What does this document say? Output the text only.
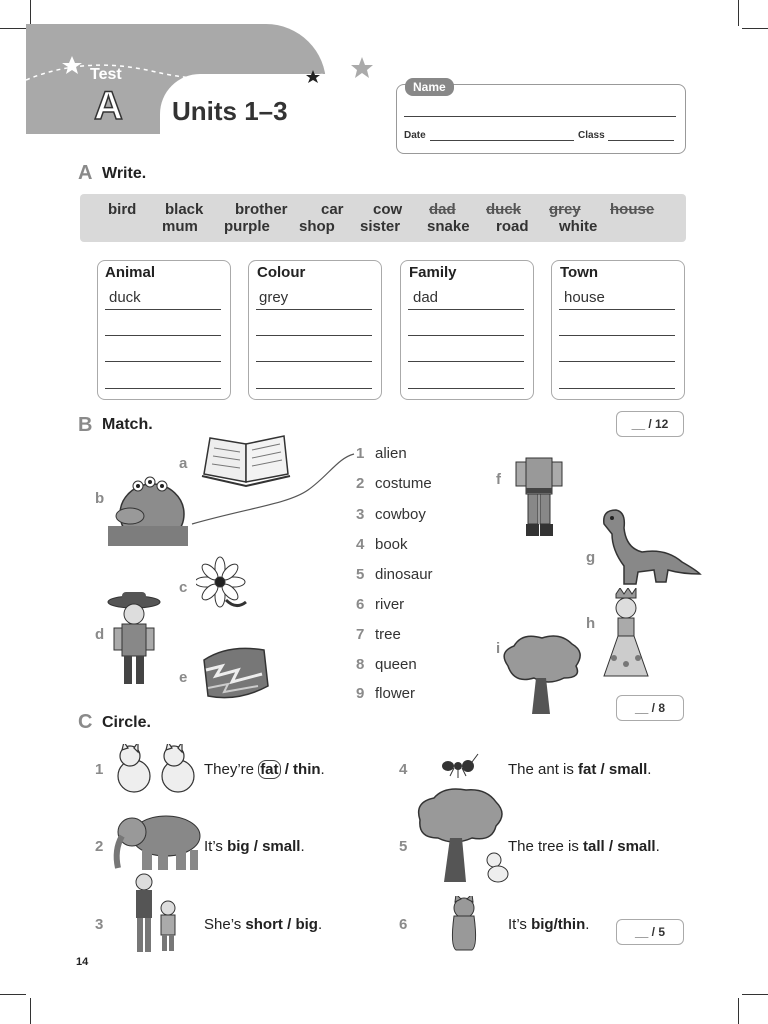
Test
A Units 1–3
Name
Date	Class
A Write.
bird black brother car cow dad duck grey house
mum purple shop sister snake road white
Animal	Colour	Family	Town
duck	grey	dad	house
B Match.	__ / 12
1 alien
2 costume
3 cowboy
4 book
5 dinosaur
6 river
7 tree
8 queen
9 flower
a
b
c
d
e
f
g
h
i
__ / 8
C Circle.
1
2
3
4
5
6
They’re fat / thin.
It’s big / small.
She’s short / big.
The ant is fat / small.
The tree is tall / small.
It’s big/thin.	__ / 5
14
